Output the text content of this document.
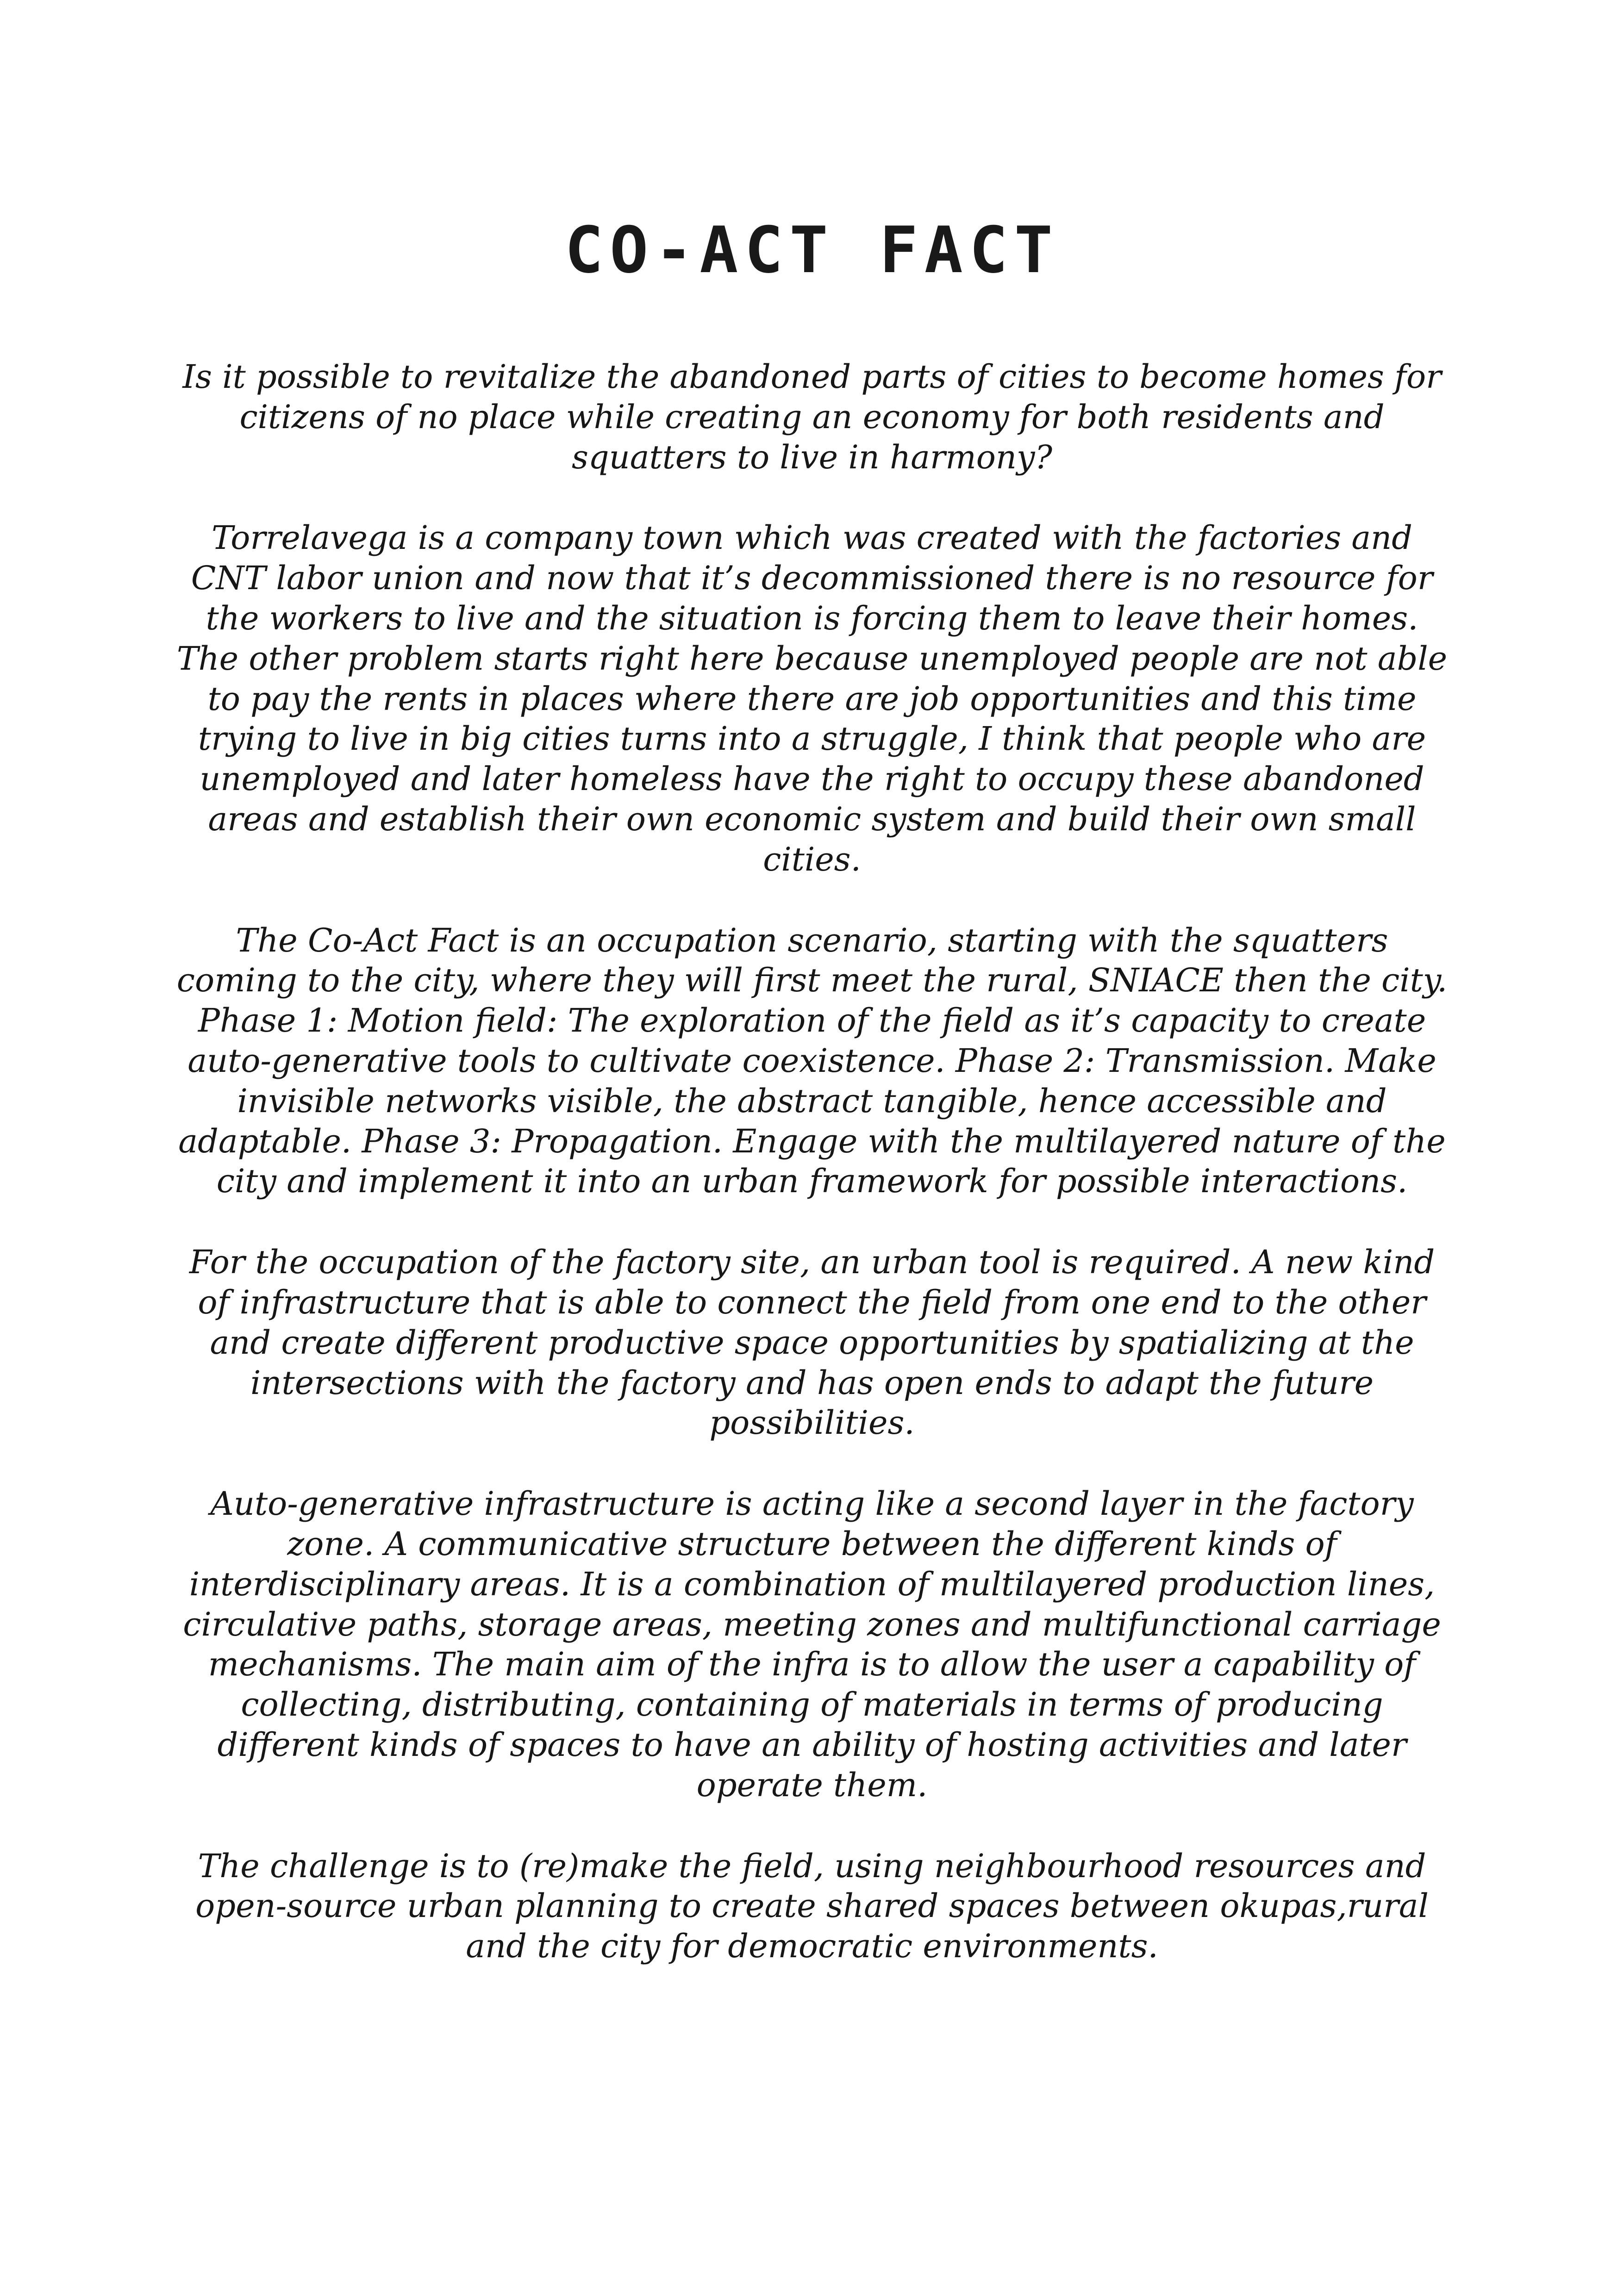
CO-ACT FACT

Is it possible to revitalize the abandoned parts of cities to become homes for citizens of no place while creating an economy for both residents and squatters to live in harmony?

Torrelavega is a company town which was created with the factories and CNT labor union and now that it’s decommissioned there is no resource for the workers to live and the situation is forcing them to leave their homes. The other problem starts right here because unemployed people are not able to pay the rents in places where there are job opportunities and this time trying to live in big cities turns into a struggle, I think that people who are unemployed and later homeless have the right to occupy these abandoned areas and establish their own economic system and build their own small cities.

The Co-Act Fact is an occupation scenario, starting with the squatters coming to the city, where they will first meet the rural, SNIACE then the city. Phase 1: Motion field: The exploration of the field as it’s capacity to create auto-generative tools to cultivate coexistence. Phase 2: Transmission. Make invisible networks visible, the abstract tangible, hence accessible and adaptable. Phase 3: Propagation. Engage with the multilayered nature of the city and implement it into an urban framework for possible interactions.

For the occupation of the factory site, an urban tool is required. A new kind of infrastructure that is able to connect the field from one end to the other and create different productive space opportunities by spatializing at the intersections with the factory and has open ends to adapt the future possibilities.

Auto-generative infrastructure is acting like a second layer in the factory zone. A communicative structure between the different kinds of interdisciplinary areas. It is a combination of multilayered production lines, circulative paths, storage areas, meeting zones and multifunctional carriage mechanisms. The main aim of the infra is to allow the user a capability of collecting, distributing, containing of materials in terms of producing different kinds of spaces to have an ability of hosting activities and later operate them.

The challenge is to (re)make the field, using neighbourhood resources and open-source urban planning to create shared spaces between okupas,rural and the city for democratic environments.
